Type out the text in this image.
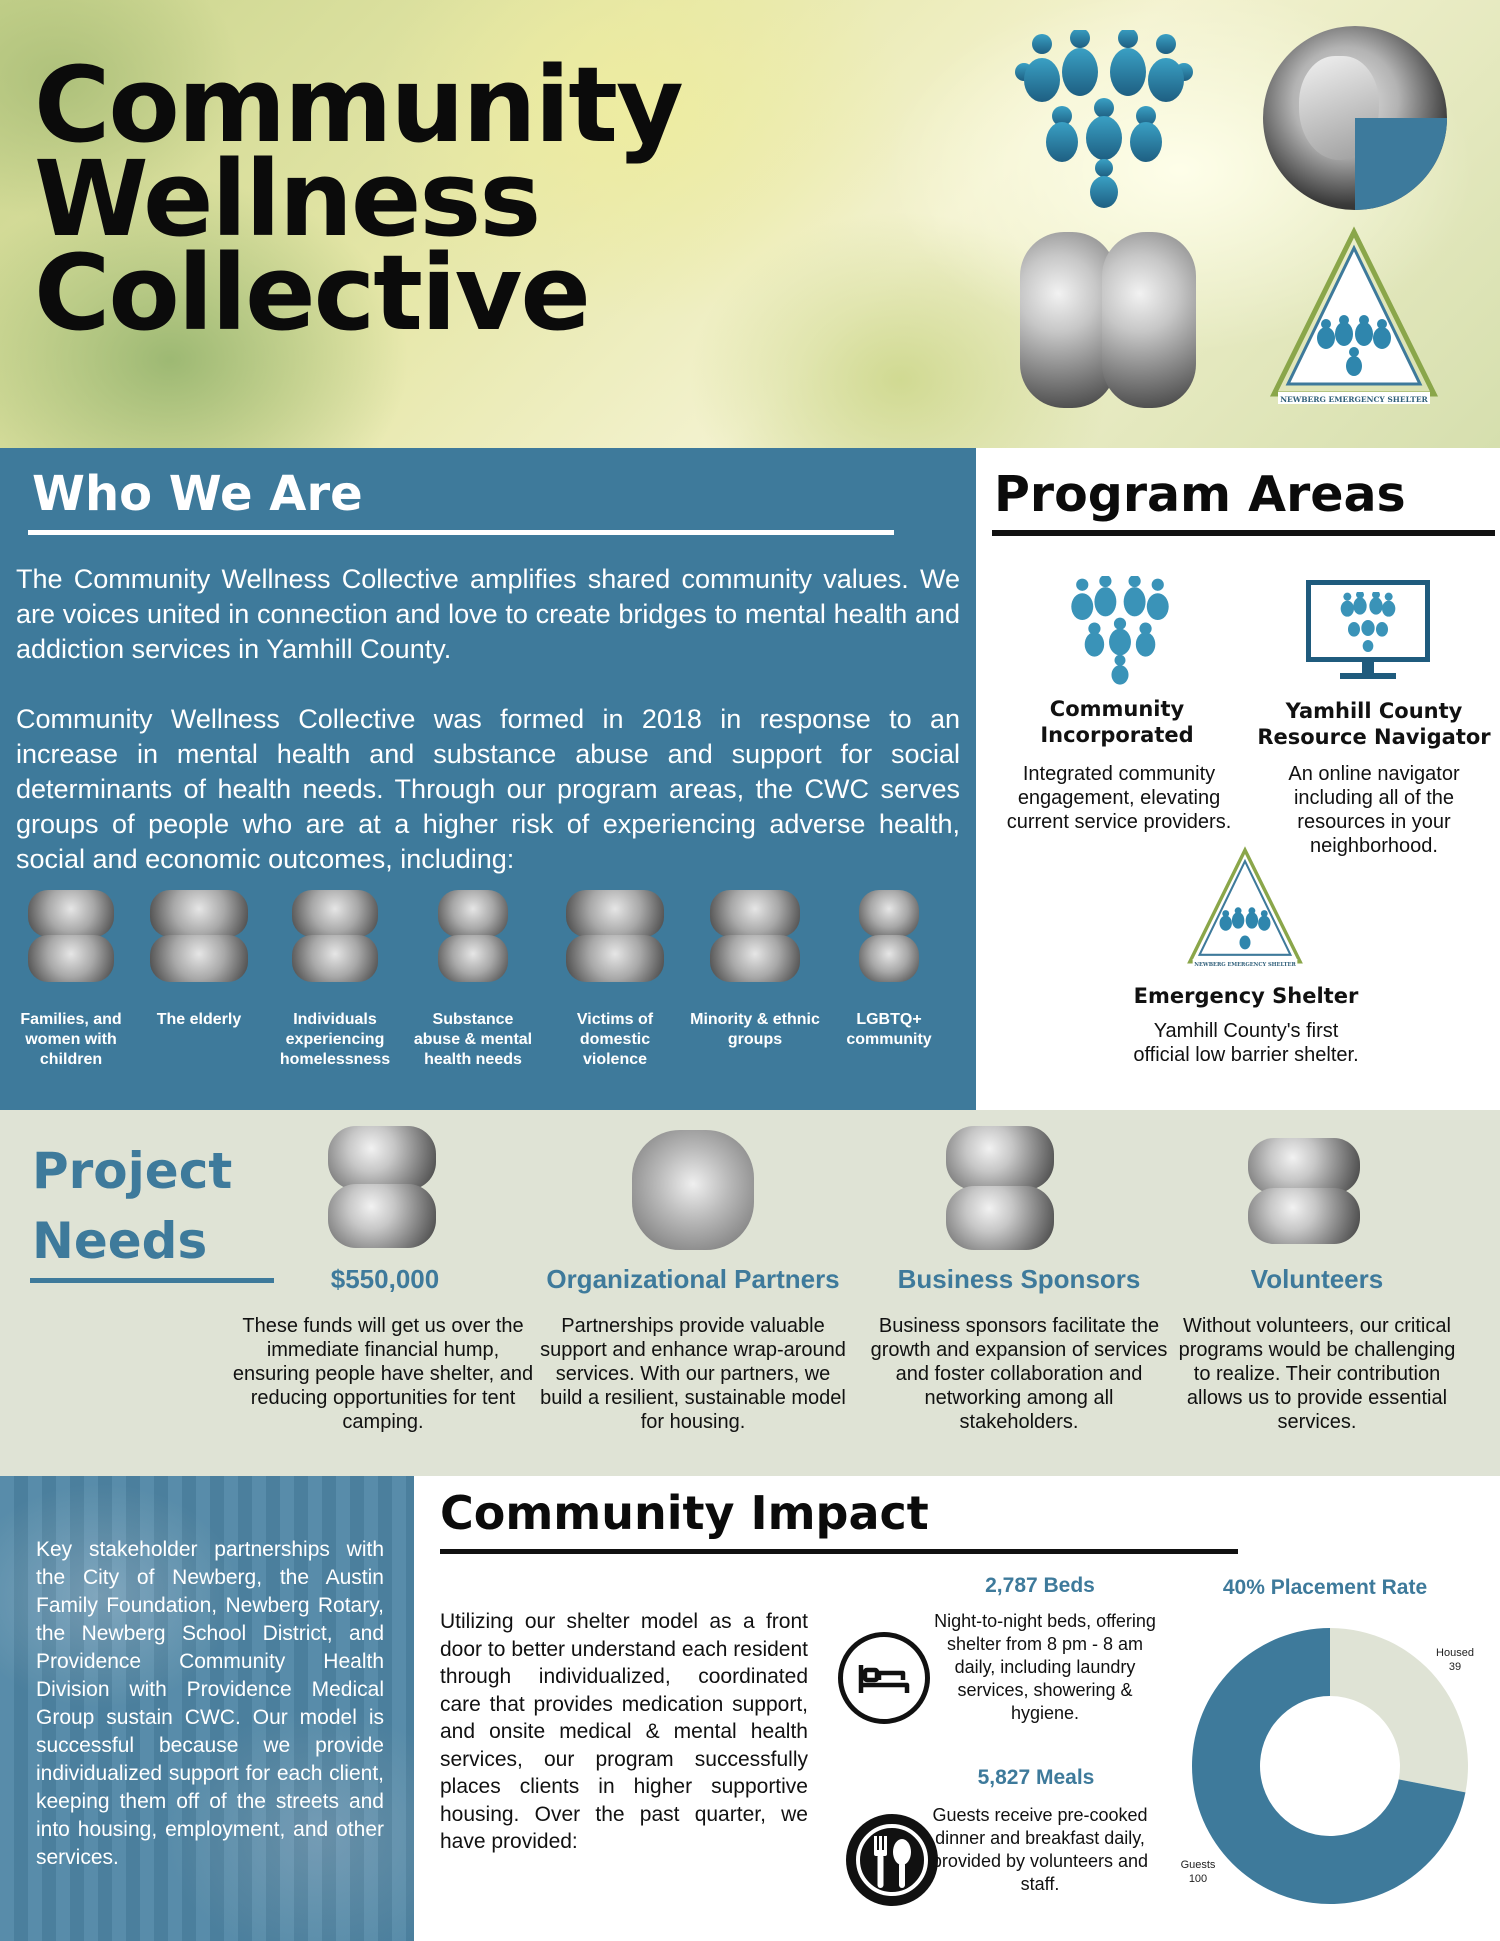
Community
Wellness
Collective
NEWBERG EMERGENCY SHELTER
Who We Are

The Community Wellness Collective amplifies shared community values. We are voices united in connection and love to create bridges to mental health and addiction services in Yamhill County.

Community Wellness Collective was formed in 2018 in response to an increase in mental health and substance abuse and support for social determinants of health needs. Through our program areas, the CWC serves groups of people who are at a higher risk of experiencing adverse health, social and economic outcomes, including:

Families, and women with children
The elderly	Individuals experiencing homelessness
Substance abuse & mental health needs
Victims of domestic violence
Minority & ethnic groups
LGBTQ+ community
Program Areas
Community Incorporated
Integrated community engagement, elevating current service providers.
Yamhill County Resource Navigator
An online navigator including all of the resources in your neighborhood.
NEWBERG EMERGENCY SHELTER
Emergency Shelter
Yamhill County's first official low barrier shelter.
Project
Needs
$550,000
These funds will get us over the immediate financial hump, ensuring people have shelter, and reducing opportunities for tent camping.
Organizational Partners
Partnerships provide valuable support and enhance wrap-around services. With our partners, we build a resilient, sustainable model for housing.
Business Sponsors
Business sponsors facilitate the growth and expansion of services and foster collaboration and networking among all stakeholders.
Volunteers
Without volunteers, our critical programs would be challenging to realize. Their contribution allows us to provide essential services.

Key stakeholder partnerships with the City of Newberg, the Austin Family Foundation, Newberg Rotary, the Newberg School District, and Providence Community Health Division with Providence Medical Group sustain CWC. Our model is successful because we provide individualized support for each client, keeping them off of the streets and into housing, employment, and other services.

Community Impact

Utilizing our shelter model as a front door to better understand each resident through individualized, coordinated care that provides medication support, and onsite medical & mental health services, our program successfully places clients in higher supportive housing. Over the past quarter, we have provided:

2,787 Beds
Night-to-night beds, offering shelter from 8 pm - 8 am daily, including laundry services, showering & hygiene.
5,827 Meals
Guests receive pre-cooked dinner and breakfast daily, provided by volunteers and staff.
40% Placement Rate
Housed
39
Guests
100
